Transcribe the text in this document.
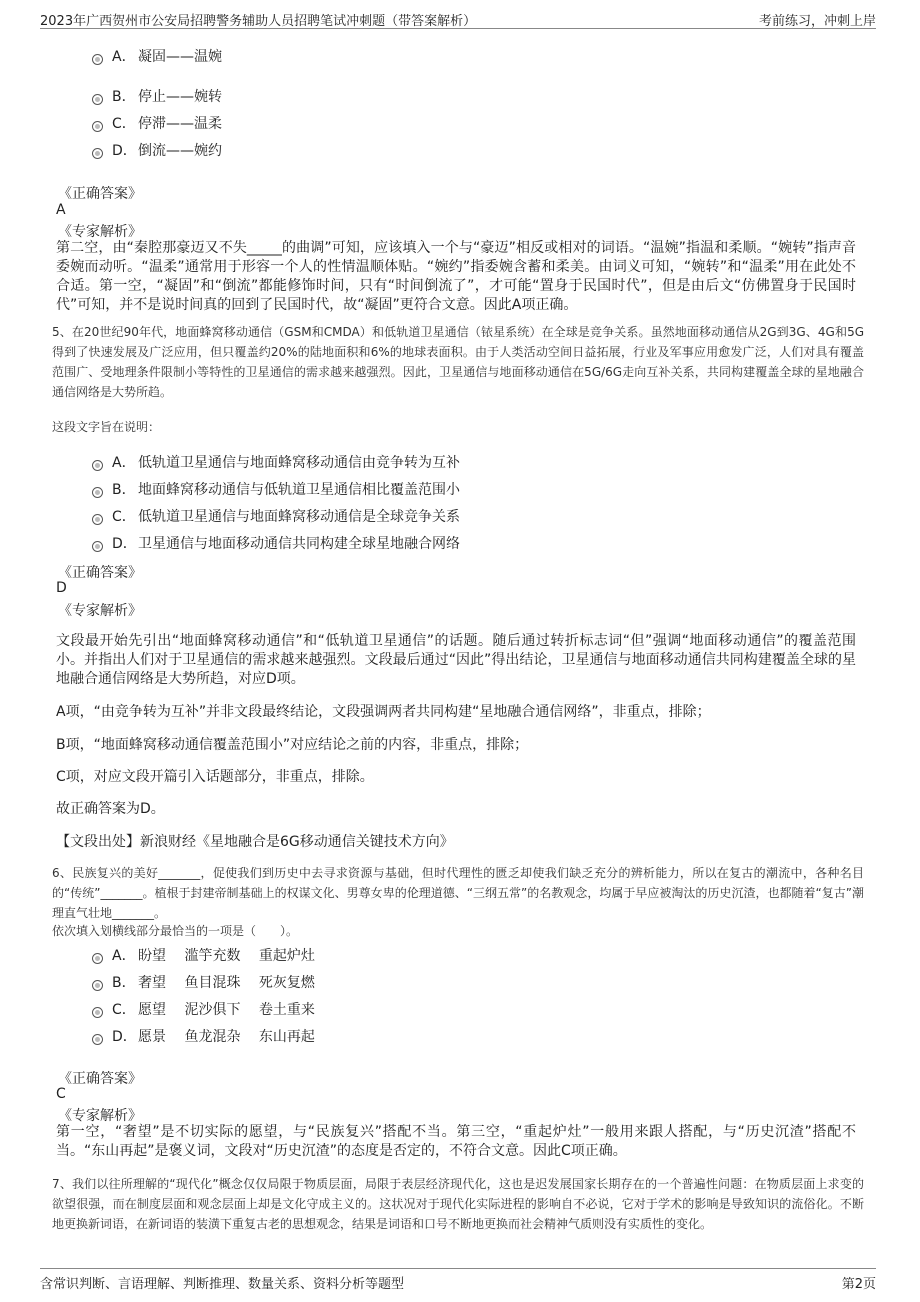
2023年广西贺州市公安局招聘警务辅助人员招聘笔试冲刺题（带答案解析）	考前练习，冲刺上岸
A． 凝固——温婉
B． 停止——婉转
C． 停滞——温柔
D． 倒流——婉约
《正确答案》
A
《专家解析》
第二空，由“秦腔那豪迈又不失_____的曲调”可知，应该填入一个与“豪迈”相反或相对的词语。“温婉”指温和柔顺。“婉转”指声音委婉而动听。“温柔”通常用于形容一个人的性情温顺体贴。“婉约”指委婉含蓄和柔美。由词义可知，“婉转”和“温柔”用在此处不合适。第一空，“凝固”和“倒流”都能修饰时间，只有“时间倒流了”，才可能“置身于民国时代”，但是由后文“仿佛置身于民国时代”可知，并不是说时间真的回到了民国时代，故“凝固”更符合文意。因此A项正确。
5、在20世纪90年代，地面蜂窝移动通信（GSM和CMDA）和低轨道卫星通信（铱星系统）在全球是竞争关系。虽然地面移动通信从2G到3G、4G和5G得到了快速发展及广泛应用，但只覆盖约20%的陆地面积和6%的地球表面积。由于人类活动空间日益拓展，行业及军事应用愈发广泛，人们对具有覆盖范围广、受地理条件限制小等特性的卫星通信的需求越来越强烈。因此，卫星通信与地面移动通信在5G/6G走向互补关系，共同构建覆盖全球的星地融合通信网络是大势所趋。
这段文字旨在说明：
A． 低轨道卫星通信与地面蜂窝移动通信由竞争转为互补
B． 地面蜂窝移动通信与低轨道卫星通信相比覆盖范围小
C． 低轨道卫星通信与地面蜂窝移动通信是全球竞争关系
D． 卫星通信与地面移动通信共同构建全球星地融合网络
《正确答案》
D
《专家解析》
文段最开始先引出“地面蜂窝移动通信”和“低轨道卫星通信”的话题。随后通过转折标志词“但”强调“地面移动通信”的覆盖范围小。并指出人们对于卫星通信的需求越来越强烈。文段最后通过“因此”得出结论，卫星通信与地面移动通信共同构建覆盖全球的星地融合通信网络是大势所趋，对应D项。
A项，“由竞争转为互补”并非文段最终结论，文段强调两者共同构建“星地融合通信网络”，非重点，排除；
B项，“地面蜂窝移动通信覆盖范围小”对应结论之前的内容，非重点，排除；
C项，对应文段开篇引入话题部分，非重点，排除。
故正确答案为D。
【文段出处】新浪财经《星地融合是6G移动通信关键技术方向》
6、民族复兴的美好_______，促使我们到历史中去寻求资源与基础，但时代理性的匮乏却使我们缺乏充分的辨析能力，所以在复古的潮流中，各种名目的“传统”_______。植根于封建帝制基础上的权谋文化、男尊女卑的伦理道德、“三纲五常”的名教观念，均属于早应被淘汰的历史沉渣，也都随着“复古”潮理直气壮地_______。
依次填入划横线部分最恰当的一项是（　　）。
A． 盼望　 滥竽充数　 重起炉灶
B． 奢望　 鱼目混珠　 死灰复燃
C． 愿望　 泥沙俱下　 卷土重来
D． 愿景　 鱼龙混杂　 东山再起
《正确答案》
C
《专家解析》
第一空，“奢望”是不切实际的愿望，与“民族复兴”搭配不当。第三空，“重起炉灶”一般用来跟人搭配，与“历史沉渣”搭配不当。“东山再起”是褒义词，文段对“历史沉渣”的态度是否定的，不符合文意。因此C项正确。
7、我们以往所理解的“现代化”概念仅仅局限于物质层面，局限于表层经济现代化，这也是迟发展国家长期存在的一个普遍性问题：在物质层面上求变的欲望很强，而在制度层面和观念层面上却是文化守成主义的。这状况对于现代化实际进程的影响自不必说，它对于学术的影响是导致知识的流俗化。不断地更换新词语，在新词语的装潢下重复古老的思想观念，结果是词语和口号不断地更换而社会精神气质则没有实质性的变化。
含常识判断、言语理解、判断推理、数量关系、资料分析等题型	第2页
